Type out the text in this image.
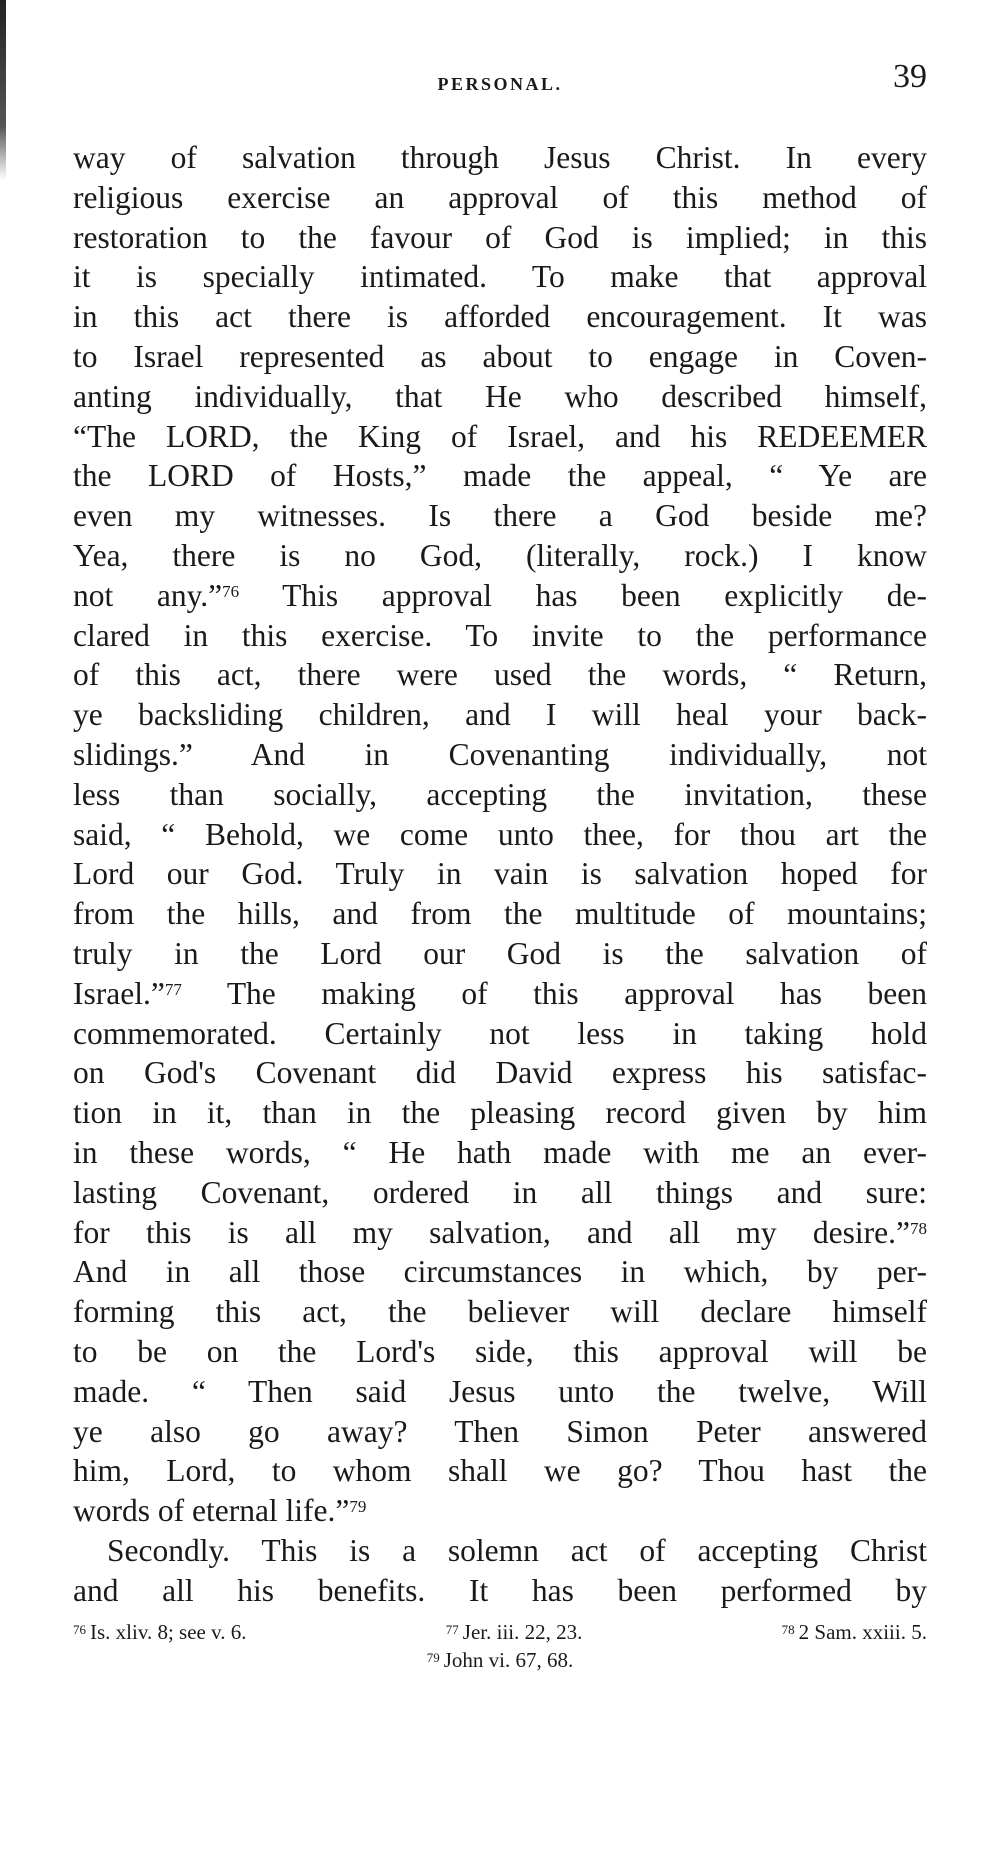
PERSONAL.	39

way of salvation through Jesus Christ. In every
religious exercise an approval of this method of
restoration to the favour of God is implied; in this
it is specially intimated. To make that approval
in this act there is afforded encouragement. It was
to Israel represented as about to engage in Coven-
anting individually, that He who described himself,
“The LORD, the King of Israel, and his REDEEMER
the LORD of Hosts,” made the appeal, “ Ye are
even my witnesses. Is there a God beside me?
Yea, there is no God, (literally, rock.) I know
not any.”$^{76}$ This approval has been explicitly de-
clared in this exercise. To invite to the performance
of this act, there were used the words, “ Return,
ye backsliding children, and I will heal your back-
slidings.” And in Covenanting individually, not
less than socially, accepting the invitation, these
said, “ Behold, we come unto thee, for thou art the
Lord our God. Truly in vain is salvation hoped for
from the hills, and from the multitude of mountains;
truly in the Lord our God is the salvation of
Israel.”$^{77}$ The making of this approval has been
commemorated. Certainly not less in taking hold
on God's Covenant did David express his satisfac-
tion in it, than in the pleasing record given by him
in these words, “ He hath made with me an ever-
lasting Covenant, ordered in all things and sure:
for this is all my salvation, and all my desire.”$^{78}$
And in all those circumstances in which, by per-
forming this act, the believer will declare himself
to be on the Lord's side, this approval will be
made. “ Then said Jesus unto the twelve, Will
ye also go away? Then Simon Peter answered
him, Lord, to whom shall we go? Thou hast the
words of eternal life.”$^{79}$

Secondly. This is a solemn act of accepting Christ
and all his benefits. It has been performed by

$^{76}$ Is. xliv. 8; see v. 6.	$^{77}$ Jer. iii. 22, 23.	$^{78}$ 2 Sam. xxiii. 5.
$^{79}$ John vi. 67, 68.
